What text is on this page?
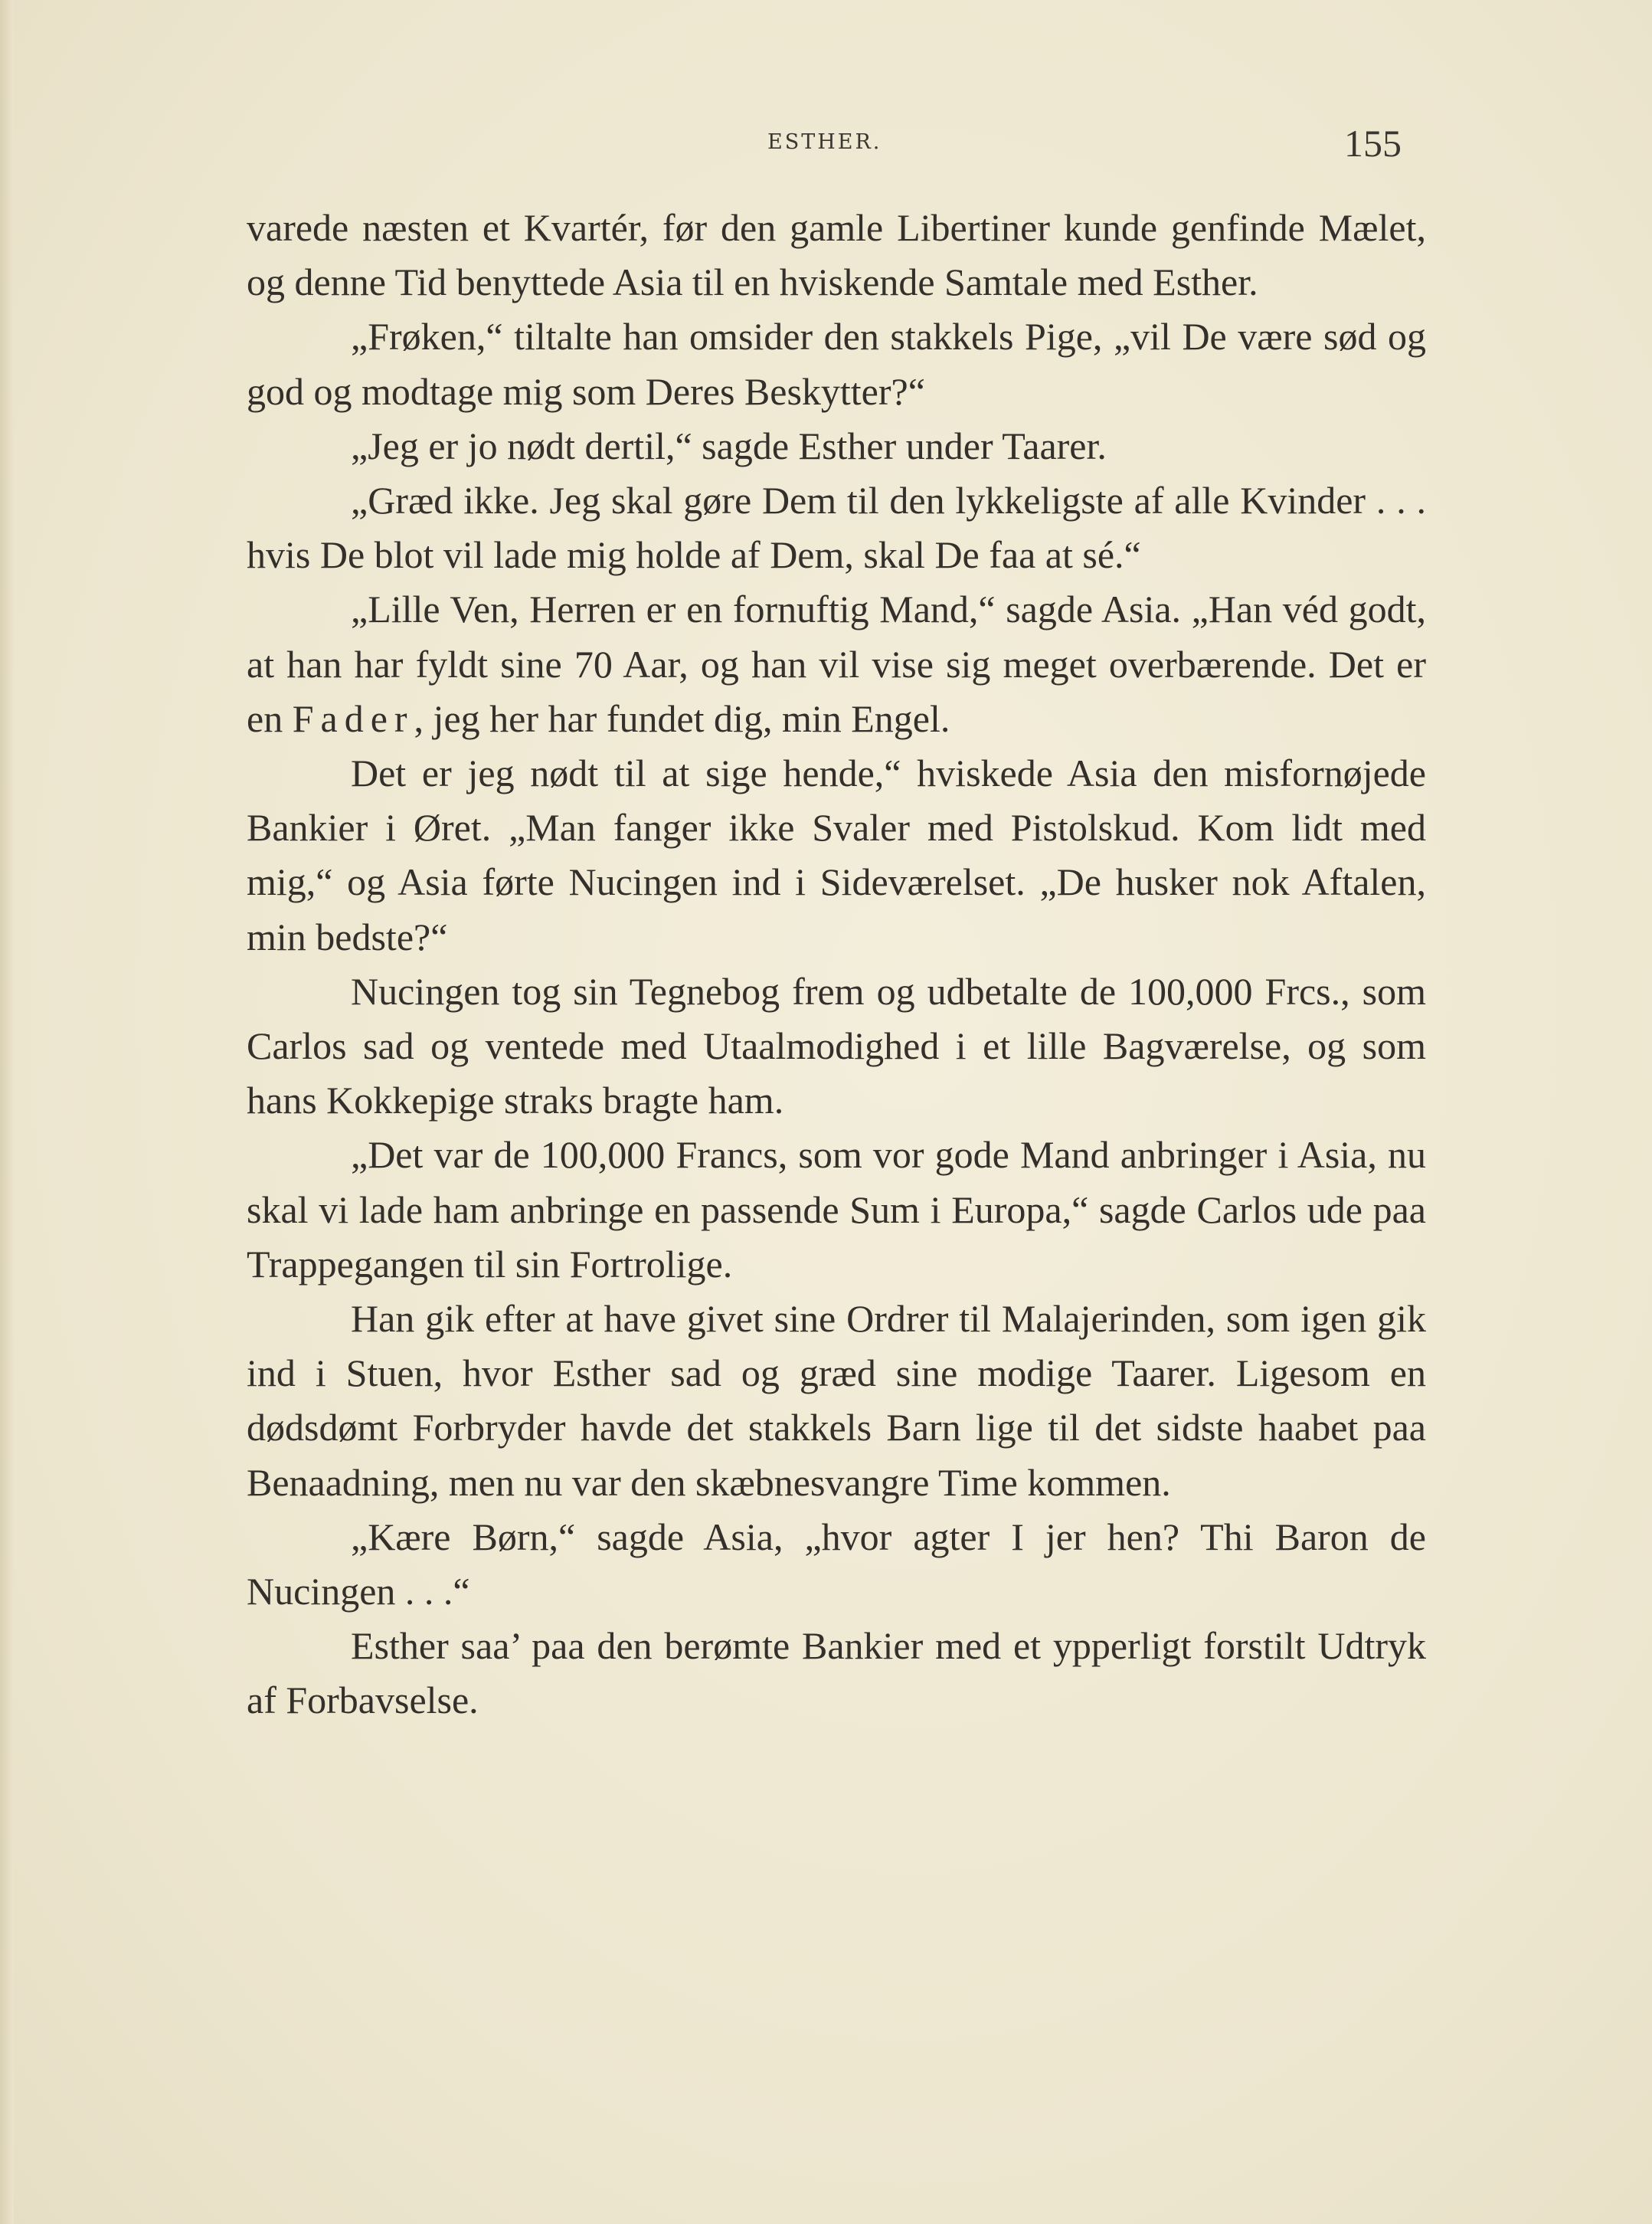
ESTHER.	155

varede næsten et Kvartér, før den gamle Libertiner kunde genfinde Mælet, og denne Tid benyttede Asia til en hviskende Samtale med Esther.

„Frøken,“ tiltalte han omsider den stakkels Pige, „vil De være sød og god og modtage mig som Deres Beskytter?“

„Jeg er jo nødt dertil,“ sagde Esther under Taarer.

„Græd ikke. Jeg skal gøre Dem til den lykkeligste af alle Kvinder . . . hvis De blot vil lade mig holde af Dem, skal De faa at sé.“

„Lille Ven, Herren er en fornuftig Mand,“ sagde Asia. „Han véd godt, at han har fyldt sine 70 Aar, og han vil vise sig meget overbærende. Det er en Fader, jeg her har fundet dig, min Engel.

Det er jeg nødt til at sige hende,“ hviskede Asia den misfornøjede Bankier i Øret. „Man fanger ikke Svaler med Pistolskud. Kom lidt med mig,“ og Asia førte Nucingen ind i Sideværelset. „De husker nok Aftalen, min bedste?“

Nucingen tog sin Tegnebog frem og udbetalte de 100,000 Frcs., som Carlos sad og ventede med Utaalmodighed i et lille Bagværelse, og som hans Kokkepige straks bragte ham.

„Det var de 100,000 Francs, som vor gode Mand anbringer i Asia, nu skal vi lade ham anbringe en passende Sum i Europa,“ sagde Carlos ude paa Trappegangen til sin Fortrolige.

Han gik efter at have givet sine Ordrer til Malajerinden, som igen gik ind i Stuen, hvor Esther sad og græd sine modige Taarer. Ligesom en dødsdømt Forbryder havde det stakkels Barn lige til det sidste haabet paa Benaadning, men nu var den skæbnesvangre Time kommen.

„Kære Børn,“ sagde Asia, „hvor agter I jer hen? Thi Baron de Nucingen . . .“

Esther saa’ paa den berømte Bankier med et ypperligt forstilt Udtryk af Forbavselse.
